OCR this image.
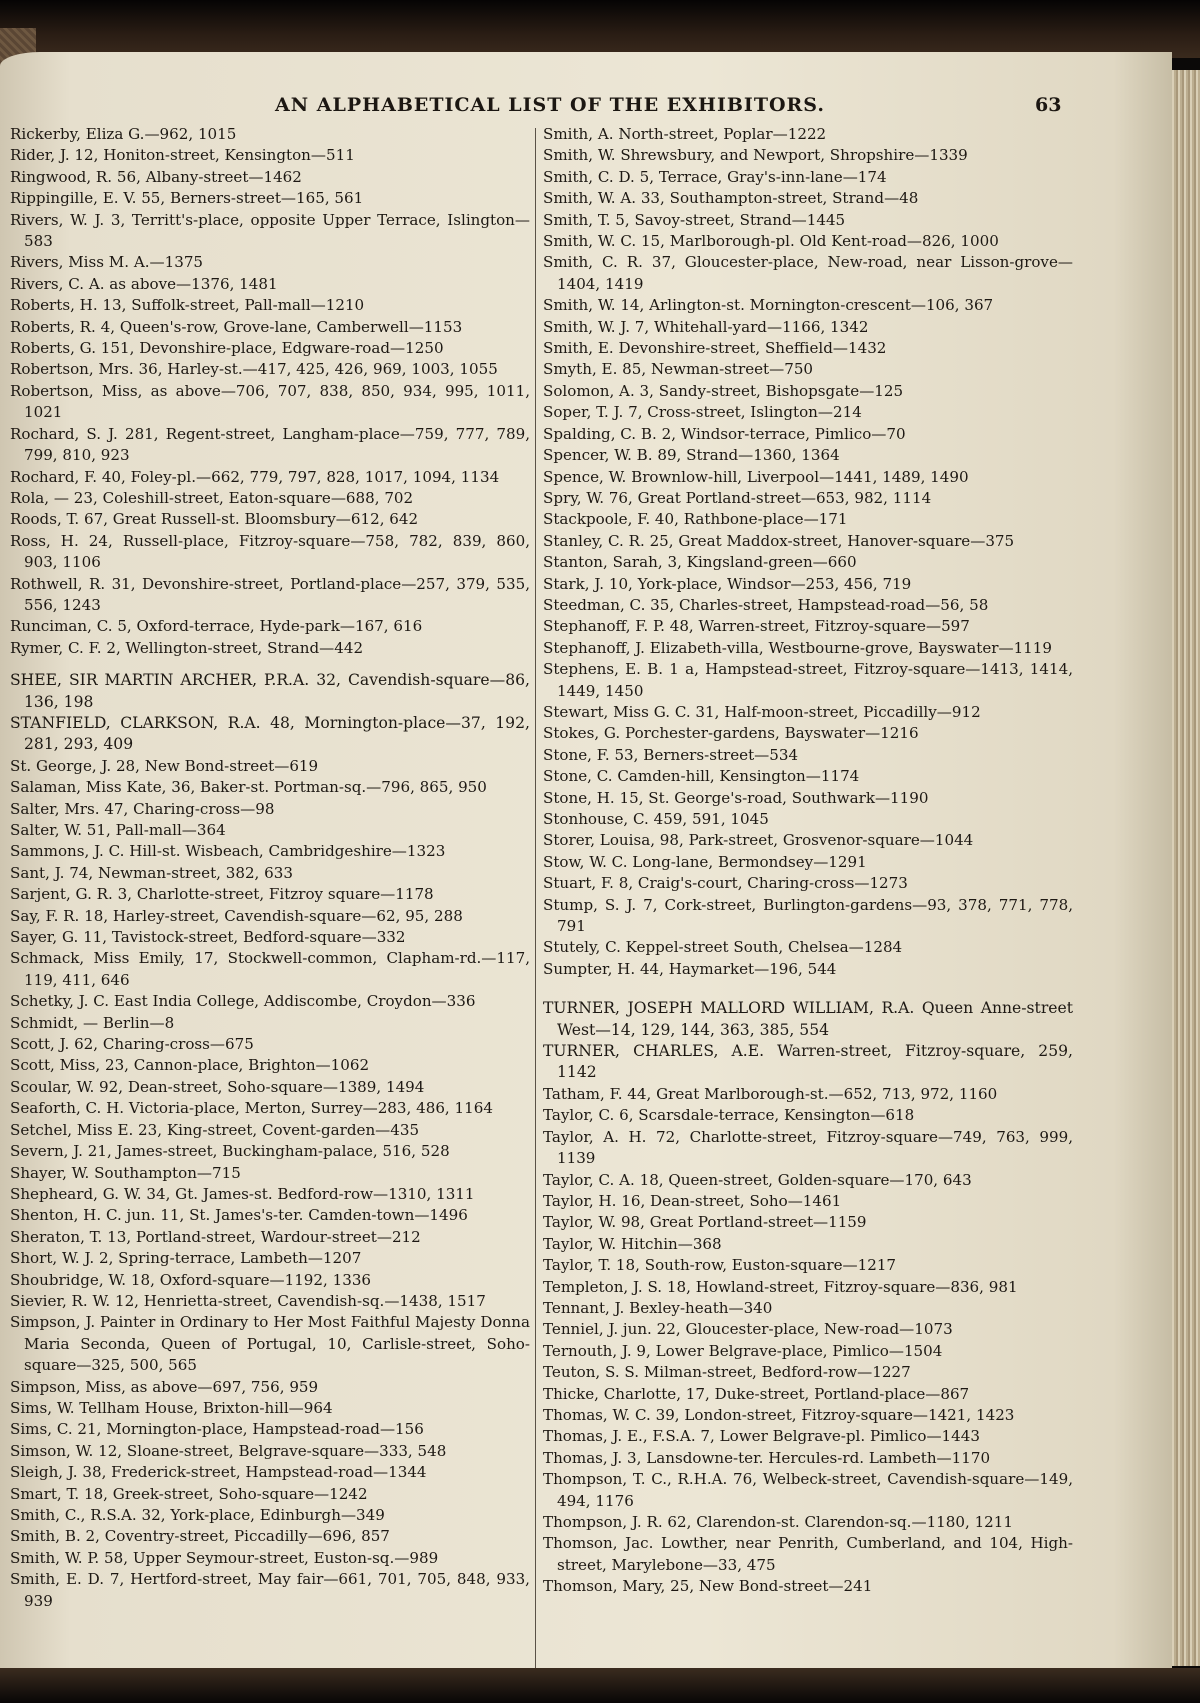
AN ALPHABETICAL LIST OF THE EXHIBITORS.	63
Rickerby, Eliza G.—962, 1015
Rider, J. 12, Honiton-street, Kensington—511
Ringwood, R. 56, Albany-street—1462
Rippingille, E. V. 55, Berners-street—165, 561
Rivers, W. J. 3, Territt's-place, opposite Upper Terrace, Islington—583
Rivers, Miss M. A.—1375
Rivers, C. A. as above—1376, 1481
Roberts, H. 13, Suffolk-street, Pall-mall—1210
Roberts, R. 4, Queen's-row, Grove-lane, Camberwell—1153
Roberts, G. 151, Devonshire-place, Edgware-road—1250
Robertson, Mrs. 36, Harley-st.—417, 425, 426, 969, 1003, 1055
Robertson, Miss, as above—706, 707, 838, 850, 934, 995, 1011, 1021
Rochard, S. J. 281, Regent-street, Langham-place—759, 777, 789, 799, 810, 923
Rochard, F. 40, Foley-pl.—662, 779, 797, 828, 1017, 1094, 1134
Rola, — 23, Coleshill-street, Eaton-square—688, 702
Roods, T. 67, Great Russell-st. Bloomsbury—612, 642
Ross, H. 24, Russell-place, Fitzroy-square—758, 782, 839, 860, 903, 1106
Rothwell, R. 31, Devonshire-street, Portland-place—257, 379, 535, 556, 1243
Runciman, C. 5, Oxford-terrace, Hyde-park—167, 616
Rymer, C. F. 2, Wellington-street, Strand—442
SHEE, SIR MARTIN ARCHER, P.R.A. 32, Cavendish-square—86, 136, 198
STANFIELD, CLARKSON, R.A. 48, Mornington-place—37, 192, 281, 293, 409
St. George, J. 28, New Bond-street—619
Salaman, Miss Kate, 36, Baker-st. Portman-sq.—796, 865, 950
Salter, Mrs. 47, Charing-cross—98
Salter, W. 51, Pall-mall—364
Sammons, J. C. Hill-st. Wisbeach, Cambridgeshire—1323
Sant, J. 74, Newman-street, 382, 633
Sarjent, G. R. 3, Charlotte-street, Fitzroy square—1178
Say, F. R. 18, Harley-street, Cavendish-square—62, 95, 288
Sayer, G. 11, Tavistock-street, Bedford-square—332
Schmack, Miss Emily, 17, Stockwell-common, Clapham-rd.—117, 119, 411, 646
Schetky, J. C. East India College, Addiscombe, Croydon—336
Schmidt, — Berlin—8
Scott, J. 62, Charing-cross—675
Scott, Miss, 23, Cannon-place, Brighton—1062
Scoular, W. 92, Dean-street, Soho-square—1389, 1494
Seaforth, C. H. Victoria-place, Merton, Surrey—283, 486, 1164
Setchel, Miss E. 23, King-street, Covent-garden—435
Severn, J. 21, James-street, Buckingham-palace, 516, 528
Shayer, W. Southampton—715
Shepheard, G. W. 34, Gt. James-st. Bedford-row—1310, 1311
Shenton, H. C. jun. 11, St. James's-ter. Camden-town—1496
Sheraton, T. 13, Portland-street, Wardour-street—212
Short, W. J. 2, Spring-terrace, Lambeth—1207
Shoubridge, W. 18, Oxford-square—1192, 1336
Sievier, R. W. 12, Henrietta-street, Cavendish-sq.—1438, 1517
Simpson, J. Painter in Ordinary to Her Most Faithful Majesty Donna Maria Seconda, Queen of Portugal, 10, Carlisle-street, Soho-square—325, 500, 565
Simpson, Miss, as above—697, 756, 959
Sims, W. Tellham House, Brixton-hill—964
Sims, C. 21, Mornington-place, Hampstead-road—156
Simson, W. 12, Sloane-street, Belgrave-square—333, 548
Sleigh, J. 38, Frederick-street, Hampstead-road—1344
Smart, T. 18, Greek-street, Soho-square—1242
Smith, C., R.S.A. 32, York-place, Edinburgh—349
Smith, B. 2, Coventry-street, Piccadilly—696, 857
Smith, W. P. 58, Upper Seymour-street, Euston-sq.—989
Smith, E. D. 7, Hertford-street, May fair—661, 701, 705, 848, 933, 939
Smith, A. North-street, Poplar—1222
Smith, W. Shrewsbury, and Newport, Shropshire—1339
Smith, C. D. 5, Terrace, Gray's-inn-lane—174
Smith, W. A. 33, Southampton-street, Strand—48
Smith, T. 5, Savoy-street, Strand—1445
Smith, W. C. 15, Marlborough-pl. Old Kent-road—826, 1000
Smith, C. R. 37, Gloucester-place, New-road, near Lisson-grove—1404, 1419
Smith, W. 14, Arlington-st. Mornington-crescent—106, 367
Smith, W. J. 7, Whitehall-yard—1166, 1342
Smith, E. Devonshire-street, Sheffield—1432
Smyth, E. 85, Newman-street—750
Solomon, A. 3, Sandy-street, Bishopsgate—125
Soper, T. J. 7, Cross-street, Islington—214
Spalding, C. B. 2, Windsor-terrace, Pimlico—70
Spencer, W. B. 89, Strand—1360, 1364
Spence, W. Brownlow-hill, Liverpool—1441, 1489, 1490
Spry, W. 76, Great Portland-street—653, 982, 1114
Stackpoole, F. 40, Rathbone-place—171
Stanley, C. R. 25, Great Maddox-street, Hanover-square—375
Stanton, Sarah, 3, Kingsland-green—660
Stark, J. 10, York-place, Windsor—253, 456, 719
Steedman, C. 35, Charles-street, Hampstead-road—56, 58
Stephanoff, F. P. 48, Warren-street, Fitzroy-square—597
Stephanoff, J. Elizabeth-villa, Westbourne-grove, Bayswater—1119
Stephens, E. B. 1 a, Hampstead-street, Fitzroy-square—1413, 1414, 1449, 1450
Stewart, Miss G. C. 31, Half-moon-street, Piccadilly—912
Stokes, G. Porchester-gardens, Bayswater—1216
Stone, F. 53, Berners-street—534
Stone, C. Camden-hill, Kensington—1174
Stone, H. 15, St. George's-road, Southwark—1190
Stonhouse, C. 459, 591, 1045
Storer, Louisa, 98, Park-street, Grosvenor-square—1044
Stow, W. C. Long-lane, Bermondsey—1291
Stuart, F. 8, Craig's-court, Charing-cross—1273
Stump, S. J. 7, Cork-street, Burlington-gardens—93, 378, 771, 778, 791
Stutely, C. Keppel-street South, Chelsea—1284
Sumpter, H. 44, Haymarket—196, 544
TURNER, JOSEPH MALLORD WILLIAM, R.A. Queen Anne-street West—14, 129, 144, 363, 385, 554
TURNER, CHARLES, A.E. Warren-street, Fitzroy-square, 259, 1142
Tatham, F. 44, Great Marlborough-st.—652, 713, 972, 1160
Taylor, C. 6, Scarsdale-terrace, Kensington—618
Taylor, A. H. 72, Charlotte-street, Fitzroy-square—749, 763, 999, 1139
Taylor, C. A. 18, Queen-street, Golden-square—170, 643
Taylor, H. 16, Dean-street, Soho—1461
Taylor, W. 98, Great Portland-street—1159
Taylor, W. Hitchin—368
Taylor, T. 18, South-row, Euston-square—1217
Templeton, J. S. 18, Howland-street, Fitzroy-square—836, 981
Tennant, J. Bexley-heath—340
Tenniel, J. jun. 22, Gloucester-place, New-road—1073
Ternouth, J. 9, Lower Belgrave-place, Pimlico—1504
Teuton, S. S. Milman-street, Bedford-row—1227
Thicke, Charlotte, 17, Duke-street, Portland-place—867
Thomas, W. C. 39, London-street, Fitzroy-square—1421, 1423
Thomas, J. E., F.S.A. 7, Lower Belgrave-pl. Pimlico—1443
Thomas, J. 3, Lansdowne-ter. Hercules-rd. Lambeth—1170
Thompson, T. C., R.H.A. 76, Welbeck-street, Cavendish-square—149, 494, 1176
Thompson, J. R. 62, Clarendon-st. Clarendon-sq.—1180, 1211
Thomson, Jac. Lowther, near Penrith, Cumberland, and 104, High-street, Marylebone—33, 475
Thomson, Mary, 25, New Bond-street—241
